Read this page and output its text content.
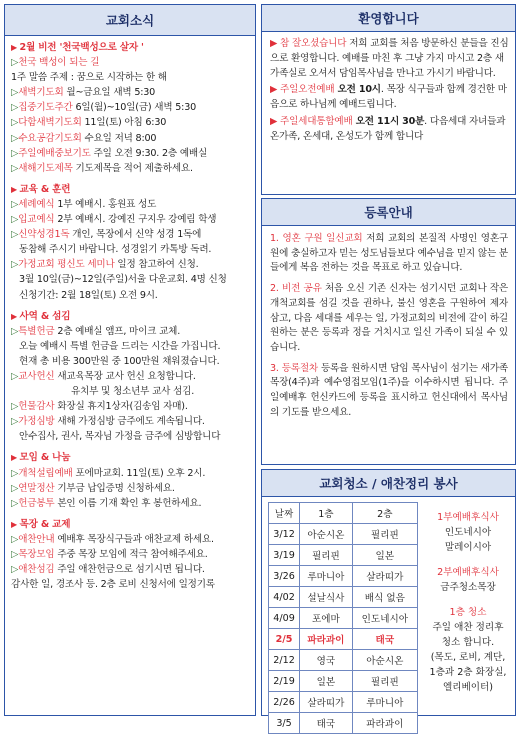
교회소식
▶ 2월 비전 '천국백성으로 살자 '
▷천국 백성이 되는 길
1주 말씀 주제 : 꿈으로 시작하는 한 해
▷새벽기도회 월~금요일 새벽 5:30
▷집중기도주간 6일(월)~10일(금) 새벽 5:30
▷다함새벽기도회 11일(토) 아침 6:30
▷수요공감기도회 수요일 저녁 8:00
▷주일예배중보기도 주일 오전 9:30. 2층 예배실
▷새해기도제목 기도제목을 적어 제출하세요.
▶ 교육 & 훈련
▷세례예식 1부 예배시. 홍원표 성도
▷입교예식 2부 예배시. 강예진 구지우 강예림 학생
▷신약성경1독 개인, 목장에서 신약 성경 1독에
동참해 주시기 바랍니다. 성경읽기 카톡방 독려.
▷가정교회 평신도 세미나 일정 참고하여 신청.
3월 10일(금)~12일(주일)서울 다운교회. 4명 신청
신청기간: 2월 18일(토) 오전 9시.
▶ 사역 & 섬김
▷특별헌금 2층 예배실 앰프, 마이크 교체.
오늘 예배시 특별 헌금을 드리는 시간을 가집니다.
현재 총 비용 300만원 중 100만원 채워졌습니다.
▷교사헌신 새교육목장 교사 헌신 요청합니다.
유치부 및 청소년부 교사 섬김.
▷헌물감사 화장실 휴지1상자(김송임 자매).
▷가정심방 새해 가정심방 금주에도 계속됩니다.
안수집사, 권사, 목자님 가정을 금주에 심방합니다
▶ 모임 & 나눔
▷개척설립예배 포에마교회. 11일(토) 오후 2시.
▷연말정산 기부금 납입증명 신청하세요.
▷헌금봉투 본인 이름 기재 확인 후 봉헌하세요.
▶ 목장 & 교제
▷애찬안내 예배후 목장식구들과 애찬교제 하세요.
▷목장모임 주중 목장 모임에 적극 참여해주세요.
▷애찬섬김 주일 애찬헌금으로 섬기시면 됩니다.
감사한 일, 경조사 등. 2층 로비 신청서에 일정기록
환영합니다
▶ 참 잘오셨습니다 저희 교회를 처음 방문하신 분들을 진심으로 환영합니다. 예배를 마친 후 그냥 가지 마시고 2층 새가족실로 오셔서 담임목사님을 만나고 가시기 바랍니다.
▶ 주일오전예배 오전 10시. 목장 식구들과 함께 경건한 마음으로 하나님께 예배드립니다.
▶ 주일세대통합예배 오전 11시 30분. 다음세대 자녀들과 온가족, 온세대, 온성도가 함께 합니다
등록안내
1. 영혼 구원 일신교회 저희 교회의 본질적 사명인 영혼구원에 충실하고자 믿는 성도님들보다 예수님을 믿지 않는 분들에게 복음 전하는 것을 목표로 하고 있습니다.
2. 비전 공유 처음 오신 기존 신자는 섬기시던 교회나 작은 개척교회를 섬길 것을 권하나, 불신 영혼을 구원하여 제자 삼고, 다음 세대를 세우는 일, 가정교회의 비전에 같이 하길 원하는 분은 등록과 정을 거치시고 일신 가족이 되실 수 있습니다.
3. 등록절차 등록을 원하시면 담임 목사님이 섬기는 새가족목장(4주)과 예수영접모임(1주)을 이수하시면 됩니다. 주일예배후 헌신카드에 등록을 표시하고 헌신대에서 목사님의 기도를 받으세요.
교회청소 / 애찬정리 봉사
날짜	1층	2층
3/12	아순시온	필리핀
3/19	필리핀	일본
3/26	루마니아	살라띠가
4/02	설날식사	배식 없음
4/09	포에마	인도네시아
2/5	파라과이	태국
2/12	영국	아순시온
2/19	일본	필리핀
2/26	살라띠가	루마니아
3/5	태국	파라과이
1부예배후식사
인도네시아
말레이시아
2부예배후식사
금주청소목장
1층 청소
주일 애찬 정리후
청소 합니다.
(목도, 로비, 계단,
1층과 2층 화장실,
엘리베이터)
